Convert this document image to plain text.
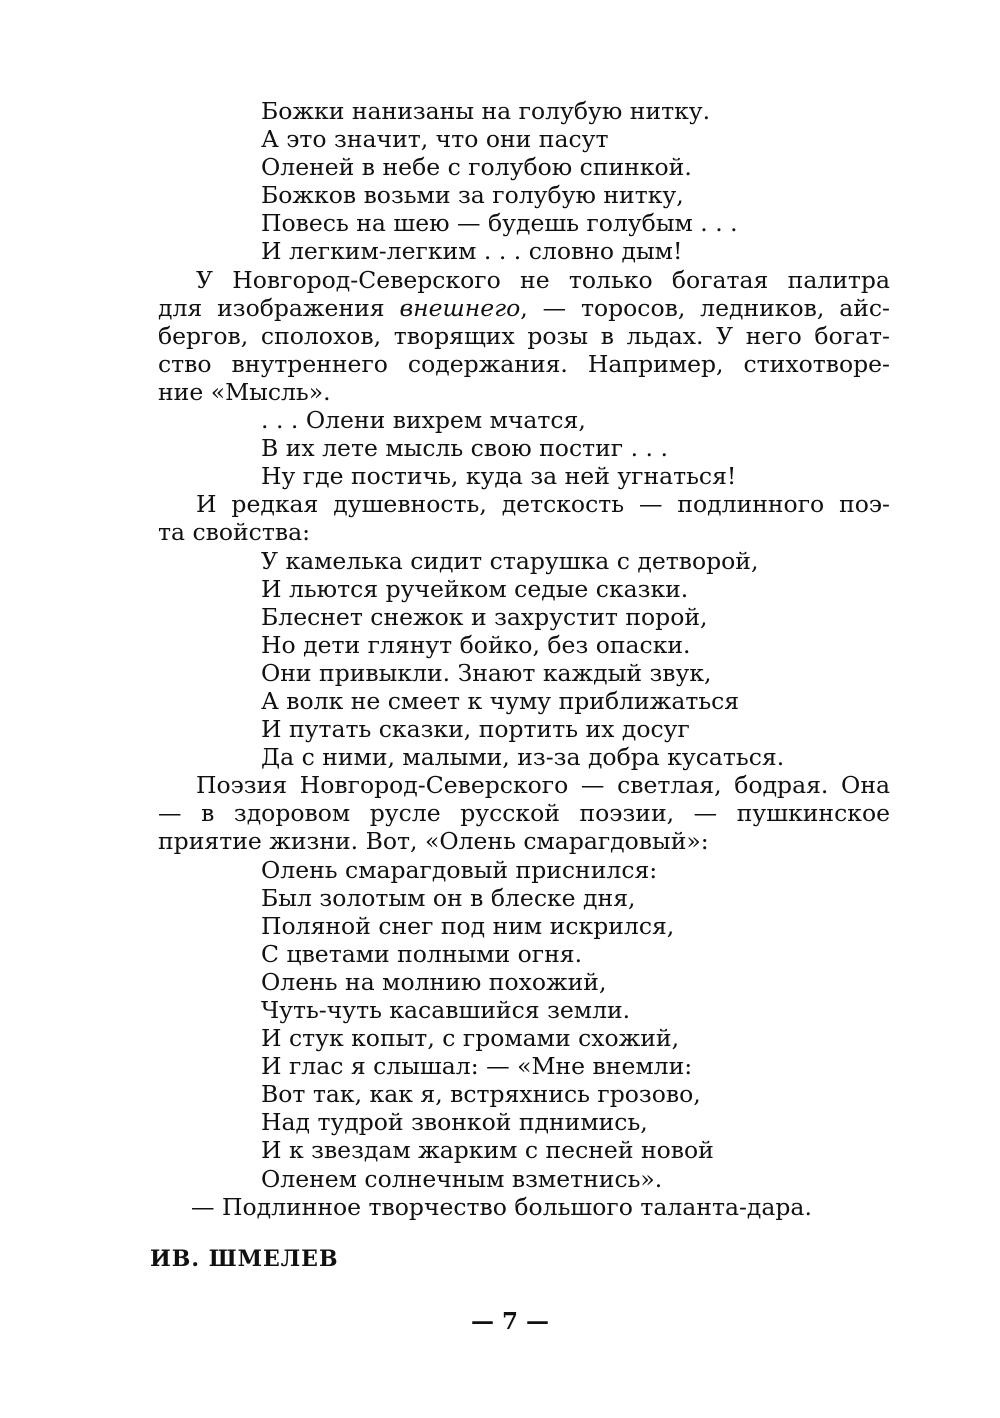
Божки нанизаны на голубую нитку.
А это значит, что они пасут
Оленей в небе с голубою спинкой.
Божков возьми за голубую нитку,
Повесь на шею — будешь голубым . . .
И легким-легким . . . словно дым!
У Новгород-Северского не только богатая палитра
для изображения внешнего, — торосов, ледников, айс-
бергов, сполохов, творящих розы в льдах. У него богат-
ство внутреннего содержания. Например, стихотворе-
ние «Мысль».
. . . Олени вихрем мчатся,
В их лете мысль свою постиг . . .
Ну где постичь, куда за ней угнаться!
И редкая душевность, детскость — подлинного поэ-
та свойства:
У камелька сидит старушка с детворой,
И льются ручейком седые сказки.
Блеснет снежок и захрустит порой,
Но дети глянут бойко, без опаски.
Они привыкли. Знают каждый звук,
А волк не смеет к чуму приближаться
И путать сказки, портить их досуг
Да с ними, малыми, из-за добра кусаться.
Поэзия Новгород-Северского — светлая, бодрая. Она
— в здоровом русле русской поэзии, — пушкинское
приятие жизни. Вот, «Олень смарагдовый»:
Олень смарагдовый приснился:
Был золотым он в блеске дня,
Поляной снег под ним искрился,
С цветами полными огня.
Олень на молнию похожий,
Чуть-чуть касавшийся земли.
И стук копыт, с громами схожий,
И глас я слышал: — «Мне внемли:
Вот так, как я, встряхнись грозово,
Над тудрой звонкой пднимись,
И к звездам жарким с песней новой
Оленем солнечным взметнись».
— Подлинное творчество большого таланта-дара.
ИВ. ШМЕЛЕВ
— 7 —
